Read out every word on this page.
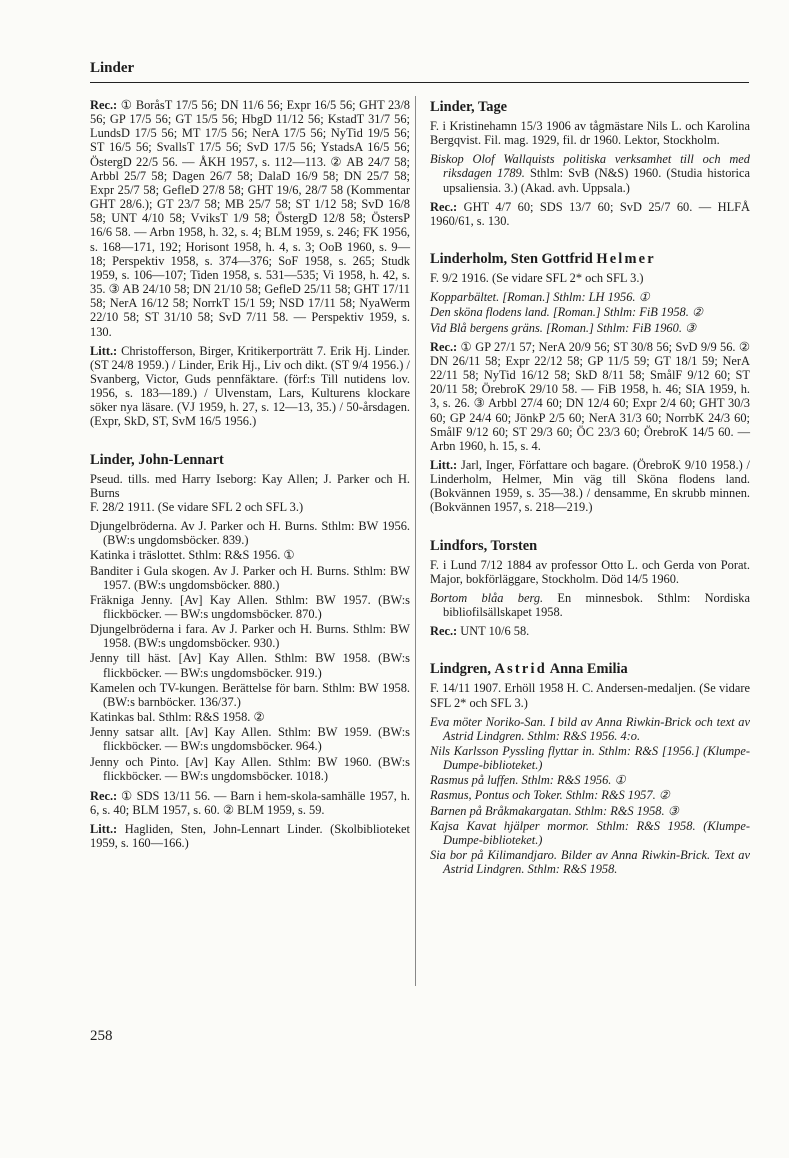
Linder

Rec.: ① BoråsT 17/5 56; DN 11/6 56; Expr 16/5 56; GHT 23/8 56; GP 17/5 56; GT 15/5 56; HbgD 11/12 56; KstadT 31/7 56; LundsD 17/5 56; MT 17/5 56; NerA 17/5 56; NyTid 19/5 56; ST 16/5 56; SvallsT 17/5 56; SvD 17/5 56; YstadsA 16/5 56; ÖstergD 22/5 56. — ÅKH 1957, s. 112—113. ② AB 24/7 58; Arbbl 25/7 58; Dagen 26/7 58; DalaD 16/9 58; DN 25/7 58; Expr 25/7 58; GefleD 27/8 58; GHT 19/6, 28/7 58 (Kommentar GHT 28/6.); GT 23/7 58; MB 25/7 58; ST 1/12 58; SvD 16/8 58; UNT 4/10 58; VviksT 1/9 58; ÖstergD 12/8 58; ÖstersP 16/6 58. — Arbn 1958, h. 32, s. 4; BLM 1959, s. 246; FK 1956, s. 168—171, 192; Horisont 1958, h. 4, s. 3; OoB 1960, s. 9—18; Perspektiv 1958, s. 374—376; SoF 1958, s. 265; Studk 1959, s. 106—107; Tiden 1958, s. 531—535; Vi 1958, h. 42, s. 35. ③ AB 24/10 58; DN 21/10 58; GefleD 25/11 58; GHT 17/11 58; NerA 16/12 58; NorrkT 15/1 59; NSD 17/11 58; NyaWerm 22/10 58; ST 31/10 58; SvD 7/11 58. — Perspektiv 1959, s. 130.

Litt.: Christofferson, Birger, Kritikerporträtt 7. Erik Hj. Linder. (ST 24/8 1959.) / Linder, Erik Hj., Liv och dikt. (ST 9/4 1956.) / Svanberg, Victor, Guds pennfäktare. (förf:s Till nutidens lov. 1956, s. 183—189.) / Ulvenstam, Lars, Kulturens klockare söker nya läsare. (VJ 1959, h. 27, s. 12—13, 35.) / 50-årsdagen. (Expr, SkD, ST, SvM 16/5 1956.)

Linder, John-Lennart

Pseud. tills. med Harry Iseborg: Kay Allen; J. Parker och H. Burns

F. 28/2 1911. (Se vidare SFL 2 och SFL 3.)

Djungelbröderna. Av J. Parker och H. Burns. Sthlm: BW 1956. (BW:s ungdomsböcker. 839.)

Katinka i träslottet. Sthlm: R&S 1956. ①

Banditer i Gula skogen. Av J. Parker och H. Burns. Sthlm: BW 1957. (BW:s ungdomsböcker. 880.)

Fräkniga Jenny. [Av] Kay Allen. Sthlm: BW 1957. (BW:s flickböcker. — BW:s ungdomsböcker. 870.)

Djungelbröderna i fara. Av J. Parker och H. Burns. Sthlm: BW 1958. (BW:s ungdomsböcker. 930.)

Jenny till häst. [Av] Kay Allen. Sthlm: BW 1958. (BW:s flickböcker. — BW:s ungdomsböcker. 919.)

Kamelen och TV-kungen. Berättelse för barn. Sthlm: BW 1958. (BW:s barnböcker. 136/37.)

Katinkas bal. Sthlm: R&S 1958. ②

Jenny satsar allt. [Av] Kay Allen. Sthlm: BW 1959. (BW:s flickböcker. — BW:s ungdomsböcker. 964.)

Jenny och Pinto. [Av] Kay Allen. Sthlm: BW 1960. (BW:s flickböcker. — BW:s ungdomsböcker. 1018.)

Rec.: ① SDS 13/11 56. — Barn i hem-skola-samhälle 1957, h. 6, s. 40; BLM 1957, s. 60. ② BLM 1959, s. 59.

Litt.: Hagliden, Sten, John-Lennart Linder. (Skolbiblioteket 1959, s. 160—166.)

Linder, Tage

F. i Kristinehamn 15/3 1906 av tågmästare Nils L. och Karolina Bergqvist. Fil. mag. 1929, fil. dr 1960. Lektor, Stockholm.

Biskop Olof Wallquists politiska verksamhet till och med riksdagen 1789. Sthlm: SvB (N&S) 1960. (Studia historica upsaliensia. 3.) (Akad. avh. Uppsala.)

Rec.: GHT 4/7 60; SDS 13/7 60; SvD 25/7 60. — HLFÅ 1960/61, s. 130.

Linderholm, Sten Gottfrid Helmer

F. 9/2 1916. (Se vidare SFL 2* och SFL 3.)

Kopparbältet. [Roman.] Sthlm: LH 1956. ①

Den sköna flodens land. [Roman.] Sthlm: FiB 1958. ②

Vid Blå bergens gräns. [Roman.] Sthlm: FiB 1960. ③

Rec.: ① GP 27/1 57; NerA 20/9 56; ST 30/8 56; SvD 9/9 56. ② DN 26/11 58; Expr 22/12 58; GP 11/5 59; GT 18/1 59; NerA 22/11 58; NyTid 16/12 58; SkD 8/11 58; SmålF 9/12 60; ST 20/11 58; ÖrebroK 29/10 58. — FiB 1958, h. 46; SIA 1959, h. 3, s. 26. ③ Arbbl 27/4 60; DN 12/4 60; Expr 2/4 60; GHT 30/3 60; GP 24/4 60; JönkP 2/5 60; NerA 31/3 60; NorrbK 24/3 60; SmålF 9/12 60; ST 29/3 60; ÖC 23/3 60; ÖrebroK 14/5 60. — Arbn 1960, h. 15, s. 4.

Litt.: Jarl, Inger, Författare och bagare. (ÖrebroK 9/10 1958.) / Linderholm, Helmer, Min väg till Sköna flodens land. (Bokvännen 1959, s. 35—38.) / densamme, En skrubb minnen. (Bokvännen 1957, s. 218—219.)

Lindfors, Torsten

F. i Lund 7/12 1884 av professor Otto L. och Gerda von Porat. Major, bokförläggare, Stockholm. Död 14/5 1960.

Bortom blåa berg. En minnesbok. Sthlm: Nordiska bibliofilsällskapet 1958.

Rec.: UNT 10/6 58.

Lindgren, Astrid Anna Emilia

F. 14/11 1907. Erhöll 1958 H. C. Andersen-medaljen. (Se vidare SFL 2* och SFL 3.)

Eva möter Noriko-San. I bild av Anna Riwkin-Brick och text av Astrid Lindgren. Sthlm: R&S 1956. 4:o.

Nils Karlsson Pyssling flyttar in. Sthlm: R&S [1956.] (Klumpe-Dumpe-biblioteket.)

Rasmus på luffen. Sthlm: R&S 1956. ①

Rasmus, Pontus och Toker. Sthlm: R&S 1957. ②

Barnen på Bråkmakargatan. Sthlm: R&S 1958. ③

Kajsa Kavat hjälper mormor. Sthlm: R&S 1958. (Klumpe-Dumpe-biblioteket.)

Sia bor på Kilimandjaro. Bilder av Anna Riwkin-Brick. Text av Astrid Lindgren. Sthlm: R&S 1958.

258
